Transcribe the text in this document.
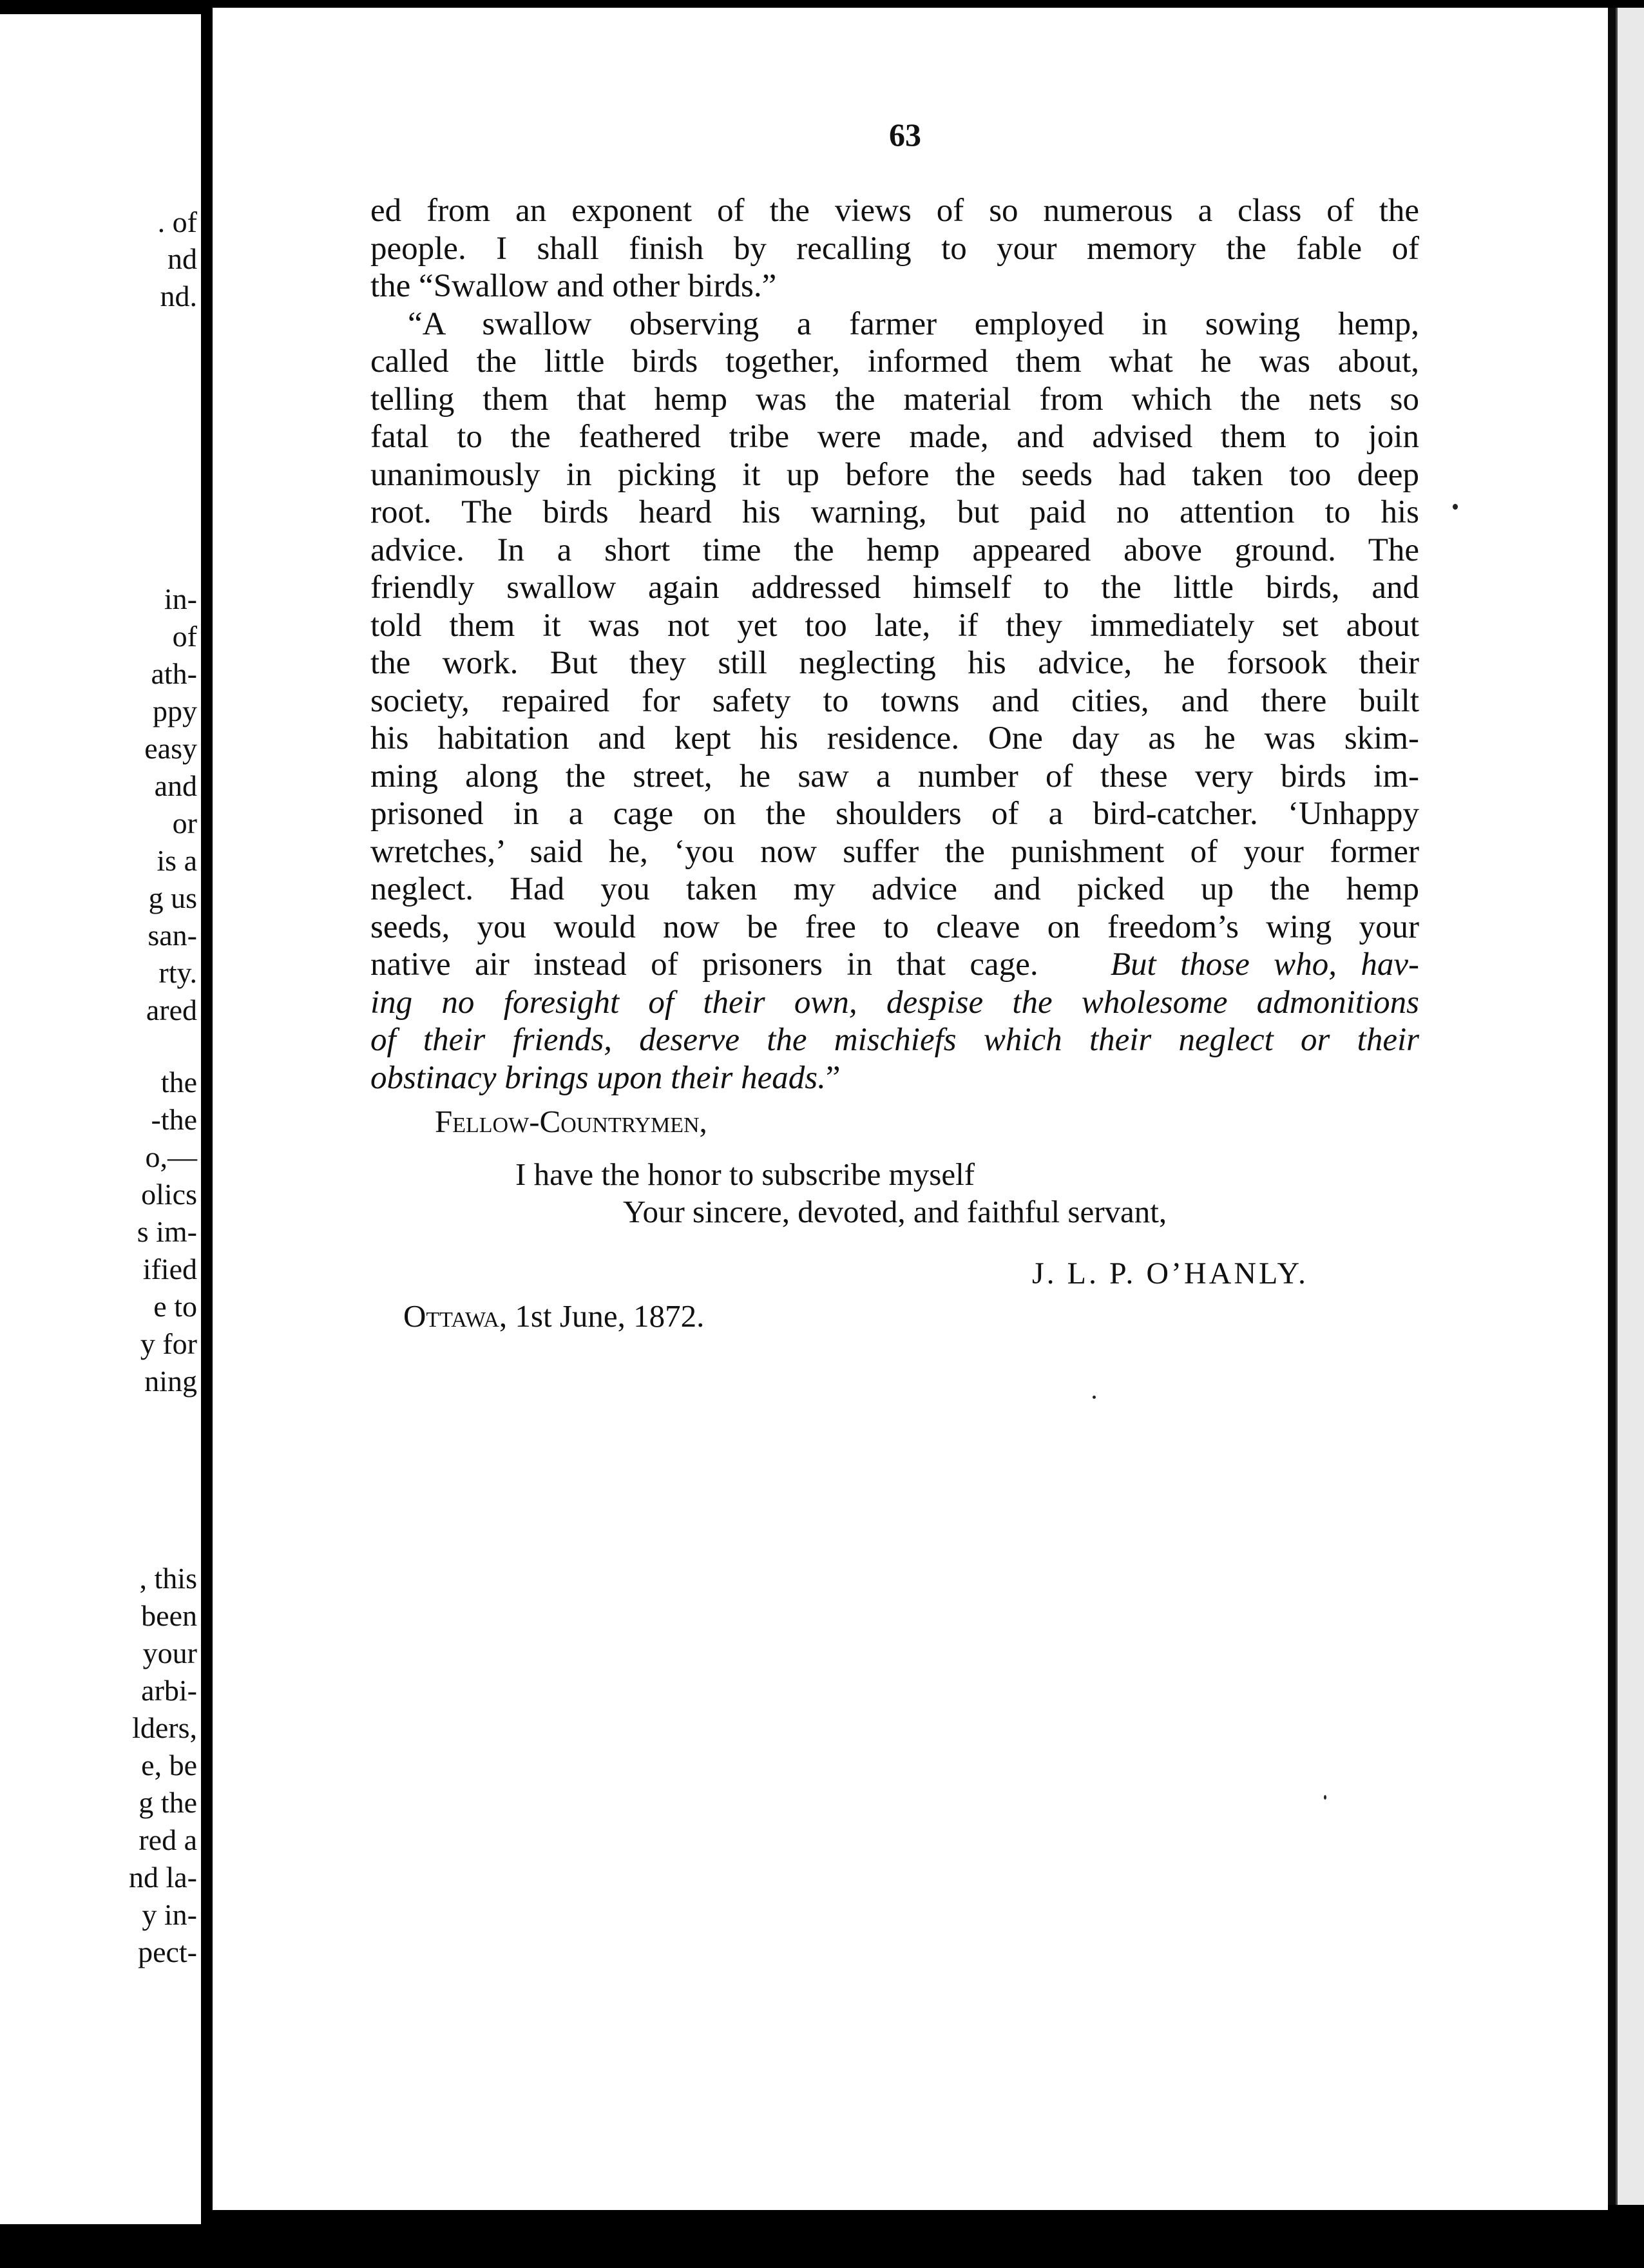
. of
nd
nd.
in-
of
ath-
ppy
easy
and
or
is a
g us
san-
rty.
ared
the
-the
o,—
olics
s im-
ified
e to
y for
ning
, this
been
your
arbi-
lders,
e, be
g the
red a
nd la-
y in-
pect-
63
ed from an exponent of the views of so numerous a class of the
people. I shall finish by recalling to your memory the fable of
the “Swallow and other birds.”
“A swallow observing a farmer employed in sowing hemp,
called the little birds together, informed them what he was about,
telling them that hemp was the material from which the nets so
fatal to the feathered tribe were made, and advised them to join
unanimously in picking it up before the seeds had taken too deep
root. The birds heard his warning, but paid no attention to his
advice. In a short time the hemp appeared above ground. The
friendly swallow again addressed himself to the little birds, and
told them it was not yet too late, if they immediately set about
the work. But they still neglecting his advice, he forsook their
society, repaired for safety to towns and cities, and there built
his habitation and kept his residence. One day as he was skim-
ming along the street, he saw a number of these very birds im-
prisoned in a cage on the shoulders of a bird-catcher. ‘Unhappy
wretches,’ said he, ‘you now suffer the punishment of your former
neglect. Had you taken my advice and picked up the hemp
seeds, you would now be free to cleave on freedom’s wing your
native air instead of prisoners in that cage. But those who, hav-
ing no foresight of their own, despise the wholesome admonitions
of their friends, deserve the mischiefs which their neglect or their
obstinacy brings upon their heads.”
Fellow-Countrymen,
I have the honor to subscribe myself
Your sincere, devoted, and faithful servant,
J. L. P. O’HANLY.
Ottawa, 1st June, 1872.
